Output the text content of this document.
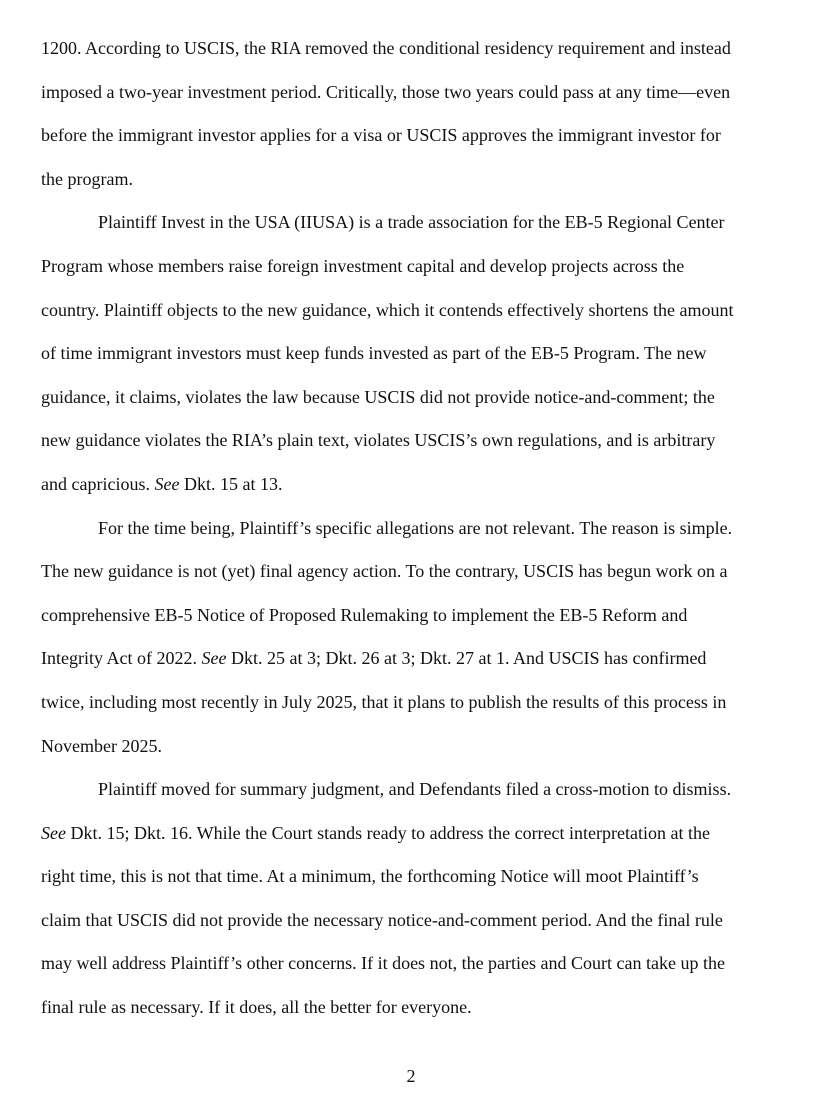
1200. According to USCIS, the RIA removed the conditional residency requirement and instead
imposed a two-year investment period. Critically, those two years could pass at any time—even
before the immigrant investor applies for a visa or USCIS approves the immigrant investor for
the program.

Plaintiff Invest in the USA (IIUSA) is a trade association for the EB-5 Regional Center
Program whose members raise foreign investment capital and develop projects across the
country. Plaintiff objects to the new guidance, which it contends effectively shortens the amount
of time immigrant investors must keep funds invested as part of the EB-5 Program. The new
guidance, it claims, violates the law because USCIS did not provide notice-and-comment; the
new guidance violates the RIA’s plain text, violates USCIS’s own regulations, and is arbitrary
and capricious. See Dkt. 15 at 13.

For the time being, Plaintiff’s specific allegations are not relevant. The reason is simple.
The new guidance is not (yet) final agency action. To the contrary, USCIS has begun work on a
comprehensive EB-5 Notice of Proposed Rulemaking to implement the EB-5 Reform and
Integrity Act of 2022. See Dkt. 25 at 3; Dkt. 26 at 3; Dkt. 27 at 1. And USCIS has confirmed
twice, including most recently in July 2025, that it plans to publish the results of this process in
November 2025.

Plaintiff moved for summary judgment, and Defendants filed a cross-motion to dismiss.
See Dkt. 15; Dkt. 16. While the Court stands ready to address the correct interpretation at the
right time, this is not that time. At a minimum, the forthcoming Notice will moot Plaintiff’s
claim that USCIS did not provide the necessary notice-and-comment period. And the final rule
may well address Plaintiff’s other concerns. If it does not, the parties and Court can take up the
final rule as necessary. If it does, all the better for everyone.

2
